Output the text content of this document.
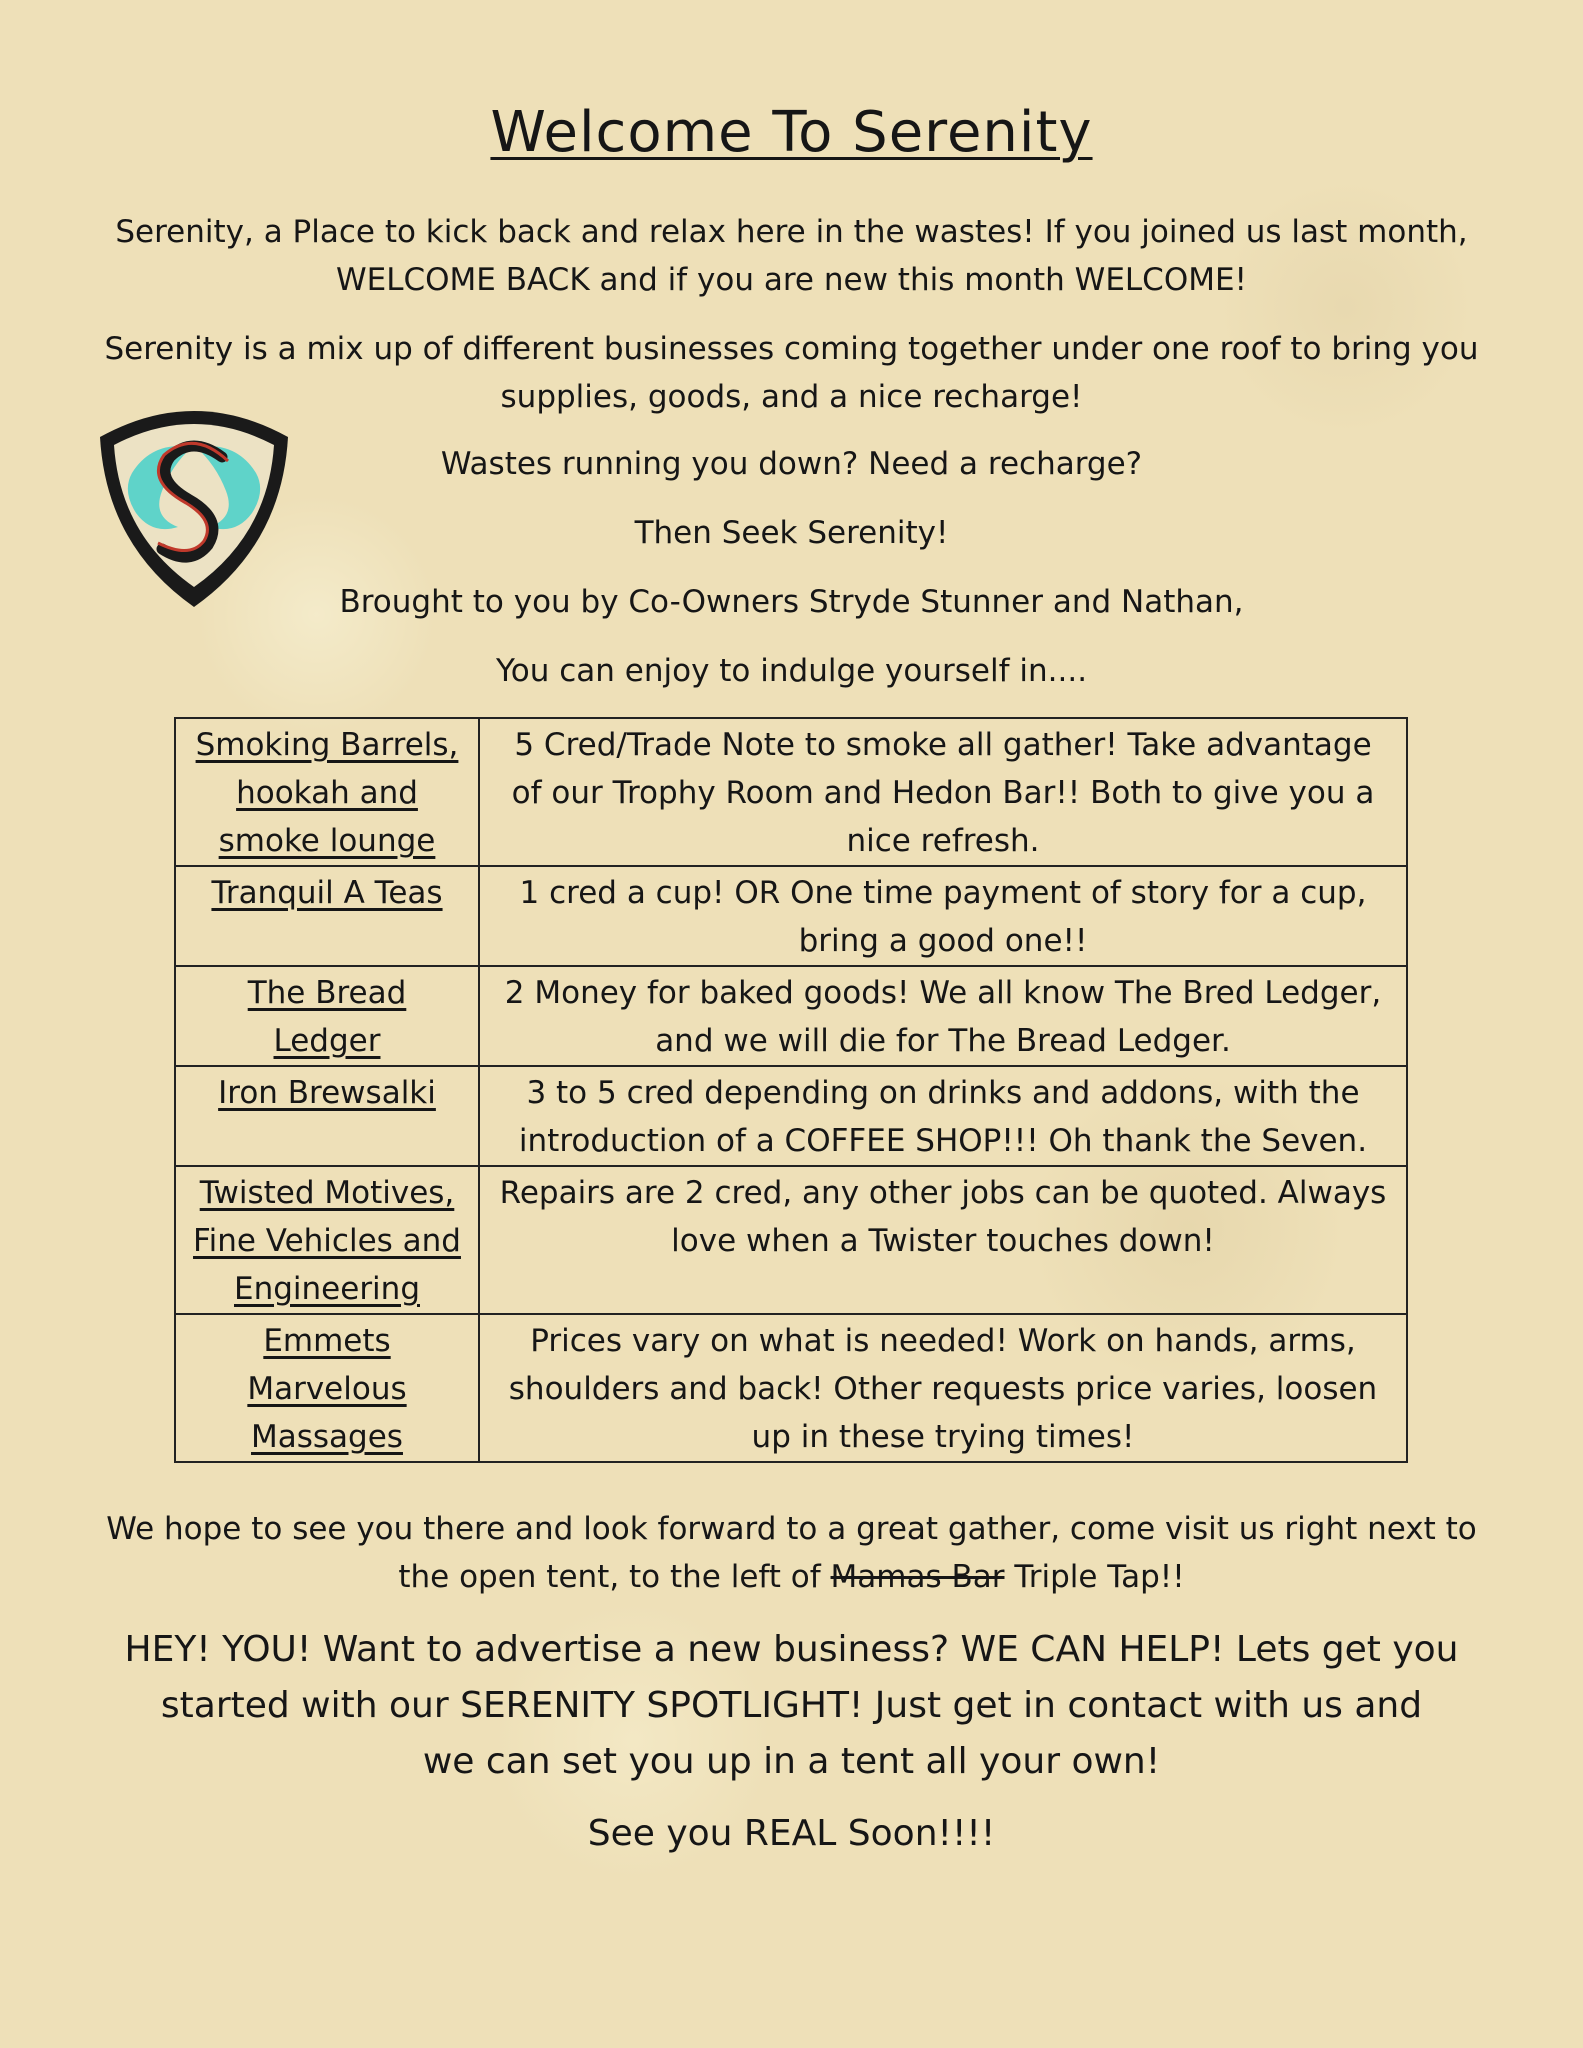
Welcome To Serenity
Serenity, a Place to kick back and relax here in the wastes! If you joined us last month,
WELCOME BACK and if you are new this month WELCOME!
Serenity is a mix up of different businesses coming together under one roof to bring you
supplies, goods, and a nice recharge!
Wastes running you down? Need a recharge?
Then Seek Serenity!
Brought to you by Co-Owners Stryde Stunner and Nathan,
You can enjoy to indulge yourself in....
Smoking Barrels, hookah and smoke lounge	5 Cred/Trade Note to smoke all gather! Take advantage of our Trophy Room and Hedon Bar!! Both to give you a nice refresh.
Tranquil A Teas	1 cred a cup! OR One time payment of story for a cup, bring a good one!!
The Bread Ledger	2 Money for baked goods! We all know The Bred Ledger, and we will die for The Bread Ledger.
Iron Brewsalki	3 to 5 cred depending on drinks and addons, with the introduction of a COFFEE SHOP!!! Oh thank the Seven.
Twisted Motives, Fine Vehicles and Engineering	Repairs are 2 cred, any other jobs can be quoted. Always love when a Twister touches down!
Emmets Marvelous Massages	Prices vary on what is needed! Work on hands, arms, shoulders and back! Other requests price varies, loosen up in these trying times!
We hope to see you there and look forward to a great gather, come visit us right next to
the open tent, to the left of Mamas Bar Triple Tap!!
HEY! YOU! Want to advertise a new business? WE CAN HELP! Lets get you
started with our SERENITY SPOTLIGHT! Just get in contact with us and
we can set you up in a tent all your own!
See you REAL Soon!!!!
